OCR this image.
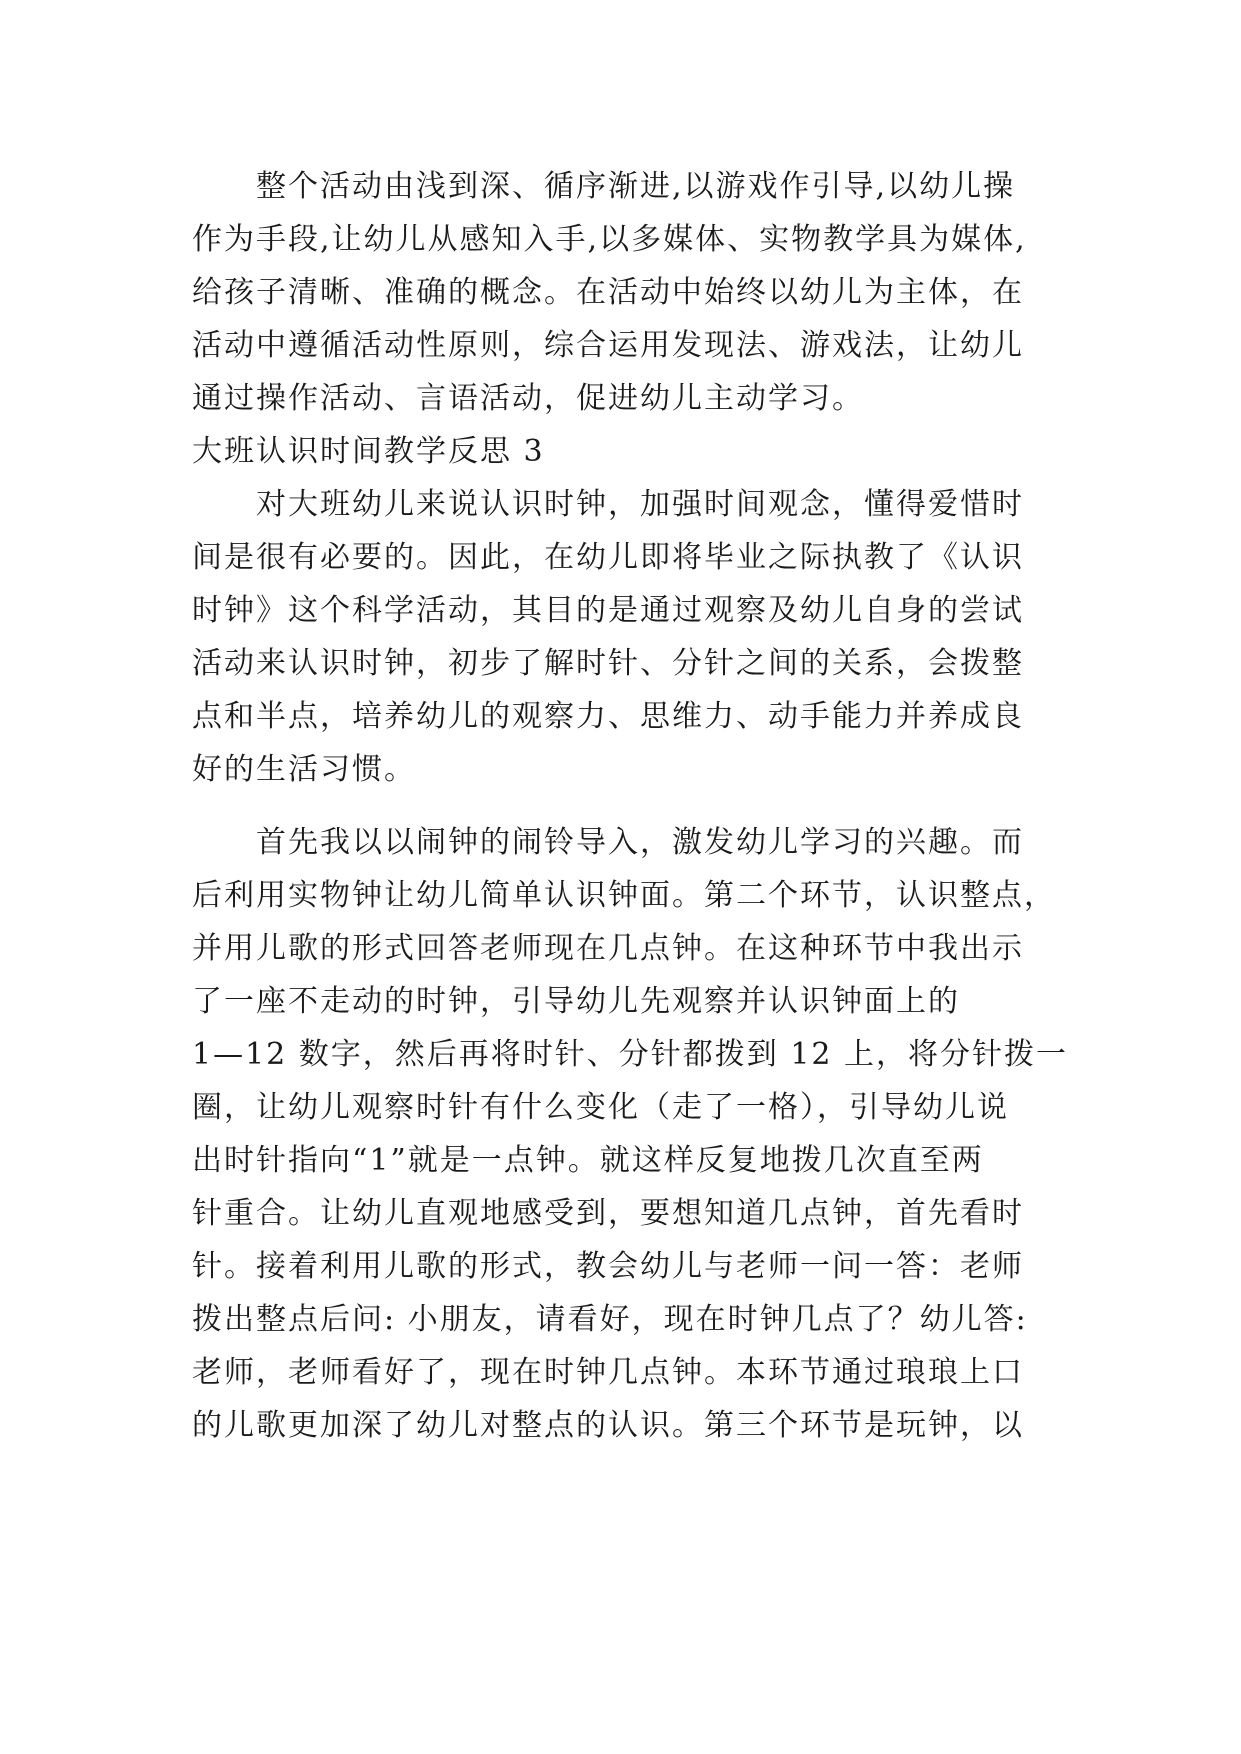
整个活动由浅到深、循序渐进,以游戏作引导,以幼儿操
作为手段,让幼儿从感知入手,以多媒体、实物教学具为媒体,
给孩子清晰、准确的概念。在活动中始终以幼儿为主体，在
活动中遵循活动性原则，综合运用发现法、游戏法，让幼儿
通过操作活动、言语活动，促进幼儿主动学习。
大班认识时间教学反思 3
对大班幼儿来说认识时钟，加强时间观念，懂得爱惜时
间是很有必要的。因此，在幼儿即将毕业之际执教了《认识
时钟》这个科学活动，其目的是通过观察及幼儿自身的尝试
活动来认识时钟，初步了解时针、分针之间的关系，会拨整
点和半点，培养幼儿的观察力、思维力、动手能力并养成良
好的生活习惯。
首先我以以闹钟的闹铃导入，激发幼儿学习的兴趣。而
后利用实物钟让幼儿简单认识钟面。第二个环节，认识整点，
并用儿歌的形式回答老师现在几点钟。在这种环节中我出示
了一座不走动的时钟，引导幼儿先观察并认识钟面上的
1—12 数字，然后再将时针、分针都拨到 12 上，将分针拨一
圈，让幼儿观察时针有什么变化（走了一格），引导幼儿说
出时针指向“1”就是一点钟。就这样反复地拨几次直至两
针重合。让幼儿直观地感受到，要想知道几点钟，首先看时
针。接着利用儿歌的形式，教会幼儿与老师一问一答：老师
拨出整点后问: 小朋友，请看好，现在时钟几点了？幼儿答:
老师，老师看好了，现在时钟几点钟。本环节通过琅琅上口
的儿歌更加深了幼儿对整点的认识。第三个环节是玩钟，以
